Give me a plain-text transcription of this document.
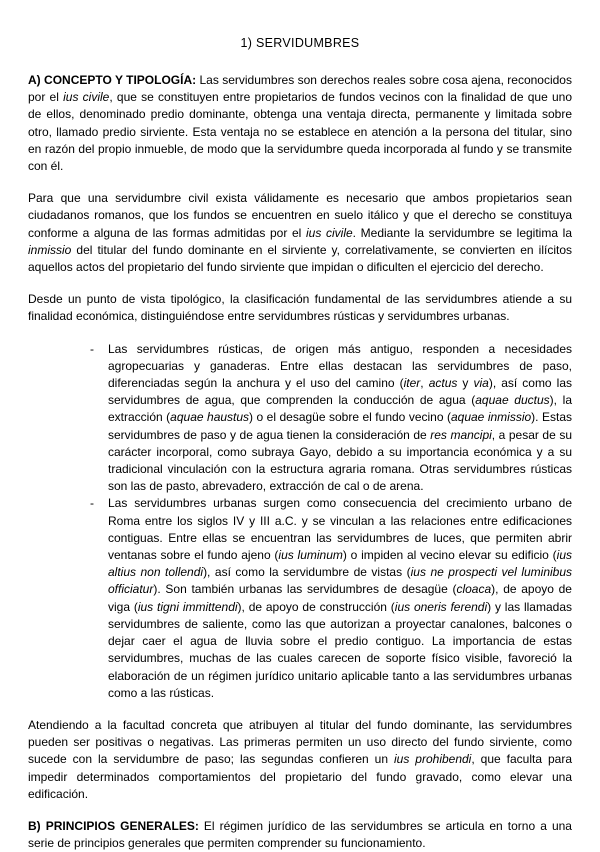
1) SERVIDUMBRES

A) CONCEPTO Y TIPOLOGÍA: Las servidumbres son derechos reales sobre cosa ajena, reconocidos por el ius civile, que se constituyen entre propietarios de fundos vecinos con la finalidad de que uno de ellos, denominado predio dominante, obtenga una ventaja directa, permanente y limitada sobre otro, llamado predio sirviente. Esta ventaja no se establece en atención a la persona del titular, sino en razón del propio inmueble, de modo que la servidumbre queda incorporada al fundo y se transmite con él.

Para que una servidumbre civil exista válidamente es necesario que ambos propietarios sean ciudadanos romanos, que los fundos se encuentren en suelo itálico y que el derecho se constituya conforme a alguna de las formas admitidas por el ius civile. Mediante la servidumbre se legitima la inmissio del titular del fundo dominante en el sirviente y, correlativamente, se convierten en ilícitos aquellos actos del propietario del fundo sirviente que impidan o dificulten el ejercicio del derecho.

Desde un punto de vista tipológico, la clasificación fundamental de las servidumbres atiende a su finalidad económica, distinguiéndose entre servidumbres rústicas y servidumbres urbanas.

- Las servidumbres rústicas, de origen más antiguo, responden a necesidades agropecuarias y ganaderas. Entre ellas destacan las servidumbres de paso, diferenciadas según la anchura y el uso del camino (iter, actus y via), así como las servidumbres de agua, que comprenden la conducción de agua (aquae ductus), la extracción (aquae haustus) o el desagüe sobre el fundo vecino (aquae inmissio). Estas servidumbres de paso y de agua tienen la consideración de res mancipi, a pesar de su carácter incorporal, como subraya Gayo, debido a su importancia económica y a su tradicional vinculación con la estructura agraria romana. Otras servidumbres rústicas son las de pasto, abrevadero, extracción de cal o de arena.
- Las servidumbres urbanas surgen como consecuencia del crecimiento urbano de Roma entre los siglos IV y III a.C. y se vinculan a las relaciones entre edificaciones contiguas. Entre ellas se encuentran las servidumbres de luces, que permiten abrir ventanas sobre el fundo ajeno (ius luminum) o impiden al vecino elevar su edificio (ius altius non tollendi), así como la servidumbre de vistas (ius ne prospecti vel luminibus officiatur). Son también urbanas las servidumbres de desagüe (cloaca), de apoyo de viga (ius tigni immittendi), de apoyo de construcción (ius oneris ferendi) y las llamadas servidumbres de saliente, como las que autorizan a proyectar canalones, balcones o dejar caer el agua de lluvia sobre el predio contiguo. La importancia de estas servidumbres, muchas de las cuales carecen de soporte físico visible, favoreció la elaboración de un régimen jurídico unitario aplicable tanto a las servidumbres urbanas como a las rústicas.

Atendiendo a la facultad concreta que atribuyen al titular del fundo dominante, las servidumbres pueden ser positivas o negativas. Las primeras permiten un uso directo del fundo sirviente, como sucede con la servidumbre de paso; las segundas confieren un ius prohibendi, que faculta para impedir determinados comportamientos del propietario del fundo gravado, como elevar una edificación.

B) PRINCIPIOS GENERALES: El régimen jurídico de las servidumbres se articula en torno a una serie de principios generales que permiten comprender su funcionamiento.
